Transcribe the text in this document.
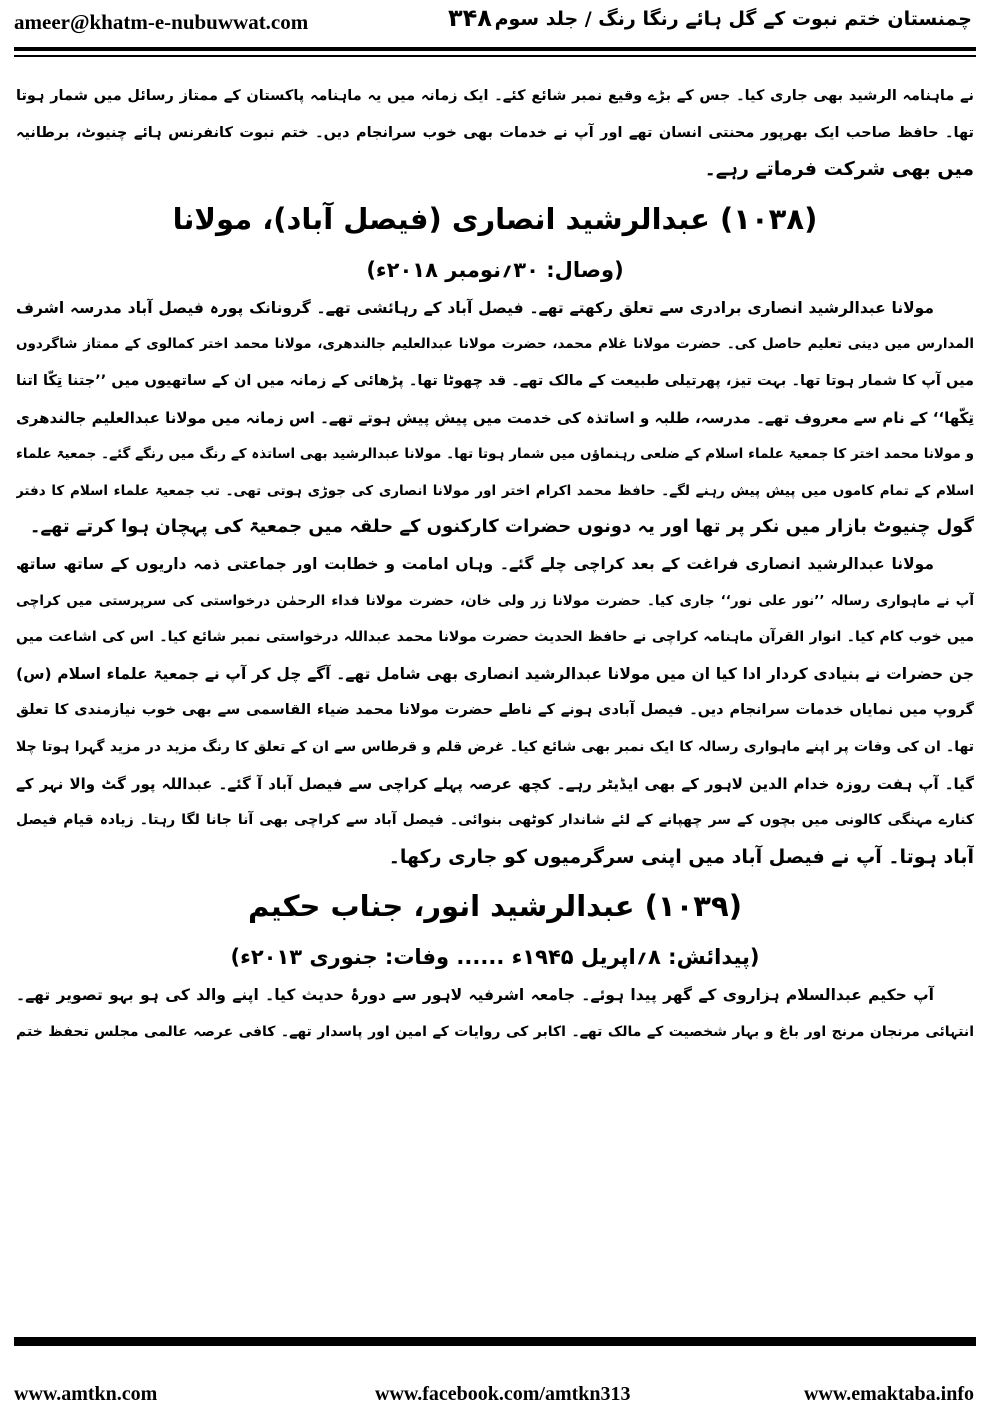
ameer@khatm-e-nubuwwat.com	۳۴۸ چمنستان ختم نبوت کے گل ہائے رنگا رنگ / جلد سوم
نے ماہنامہ الرشید بھی جاری کیا۔ جس کے بڑے وقیع نمبر شائع کئے۔ ایک زمانہ میں یہ ماہنامہ پاکستان کے ممتاز رسائل میں شمار ہوتا
تھا۔ حافظ صاحب ایک بھرپور محنتی انسان تھے اور آپ نے خدمات بھی خوب سرانجام دیں۔ ختم نبوت کانفرنس ہائے چنیوٹ، برطانیہ
میں بھی شرکت فرماتے رہے۔
(۱۰۳۸) عبدالرشید انصاری (فیصل آباد)، مولانا
(وصال: ۳۰؍نومبر ۲۰۱۸ء)
مولانا عبدالرشید انصاری برادری سے تعلق رکھتے تھے۔ فیصل آباد کے رہائشی تھے۔ گرونانک پورہ فیصل آباد مدرسہ اشرف
المدارس میں دینی تعلیم حاصل کی۔ حضرت مولانا غلام محمد، حضرت مولانا عبدالعلیم جالندھری، مولانا محمد اختر کمالوی کے ممتاز شاگردوں
میں آپ کا شمار ہوتا تھا۔ بہت تیز، پھرتیلی طبیعت کے مالک تھے۔ قد چھوٹا تھا۔ پڑھائی کے زمانہ میں ان کے ساتھیوں میں ’’جتنا تِکّا اتنا
تِکّھا‘‘ کے نام سے معروف تھے۔ مدرسہ، طلبہ و اساتذہ کی خدمت میں پیش پیش ہوتے تھے۔ اس زمانہ میں مولانا عبدالعلیم جالندھری
و مولانا محمد اختر کا جمعیۃ علماء اسلام کے ضلعی رہنماؤں میں شمار ہوتا تھا۔ مولانا عبدالرشید بھی اساتذہ کے رنگ میں رنگے گئے۔ جمعیۃ علماء
اسلام کے تمام کاموں میں پیش پیش رہنے لگے۔ حافظ محمد اکرام اختر اور مولانا انصاری کی جوڑی ہوتی تھی۔ تب جمعیۃ علماء اسلام کا دفتر
گول چنیوٹ بازار میں نکر پر تھا اور یہ دونوں حضرات کارکنوں کے حلقہ میں جمعیۃ کی پہچان ہوا کرتے تھے۔
مولانا عبدالرشید انصاری فراغت کے بعد کراچی چلے گئے۔ وہاں امامت و خطابت اور جماعتی ذمہ داریوں کے ساتھ ساتھ
آپ نے ماہواری رسالہ ’’نور علی نور‘‘ جاری کیا۔ حضرت مولانا زر ولی خان، حضرت مولانا فداء الرحمٰن درخواستی کی سرپرستی میں کراچی
میں خوب کام کیا۔ انوار القرآن ماہنامہ کراچی نے حافظ الحدیث حضرت مولانا محمد عبداللہ درخواستی نمبر شائع کیا۔ اس کی اشاعت میں
جن حضرات نے بنیادی کردار ادا کیا ان میں مولانا عبدالرشید انصاری بھی شامل تھے۔ آگے چل کر آپ نے جمعیۃ علماء اسلام (س)
گروپ میں نمایاں خدمات سرانجام دیں۔ فیصل آبادی ہونے کے ناطے حضرت مولانا محمد ضیاء القاسمی سے بھی خوب نیازمندی کا تعلق
تھا۔ ان کی وفات پر اپنے ماہواری رسالہ کا ایک نمبر بھی شائع کیا۔ غرض قلم و قرطاس سے ان کے تعلق کا رنگ مزید در مزید گہرا ہوتا چلا
گیا۔ آپ ہفت روزہ خدام الدین لاہور کے بھی ایڈیٹر رہے۔ کچھ عرصہ پہلے کراچی سے فیصل آباد آ گئے۔ عبداللہ پور گٹ والا نہر کے
کنارے مہنگی کالونی میں بچوں کے سر چھپانے کے لئے شاندار کوٹھی بنوائی۔ فیصل آباد سے کراچی بھی آنا جانا لگا رہتا۔ زیادہ قیام فیصل
آباد ہوتا۔ آپ نے فیصل آباد میں اپنی سرگرمیوں کو جاری رکھا۔
(۱۰۳۹) عبدالرشید انور، جناب حکیم
(پیدائش: ۸؍اپریل ۱۹۴۵ء ...... وفات: جنوری ۲۰۱۳ء)
آپ حکیم عبدالسلام ہزاروی کے گھر پیدا ہوئے۔ جامعہ اشرفیہ لاہور سے دورۂ حدیث کیا۔ اپنے والد کی ہو بہو تصویر تھے۔
انتہائی مرنجان مرنج اور باغ و بہار شخصیت کے مالک تھے۔ اکابر کی روایات کے امین اور پاسدار تھے۔ کافی عرصہ عالمی مجلس تحفظ ختم
www.amtkn.com	www.facebook.com/amtkn313	www.emaktaba.info
